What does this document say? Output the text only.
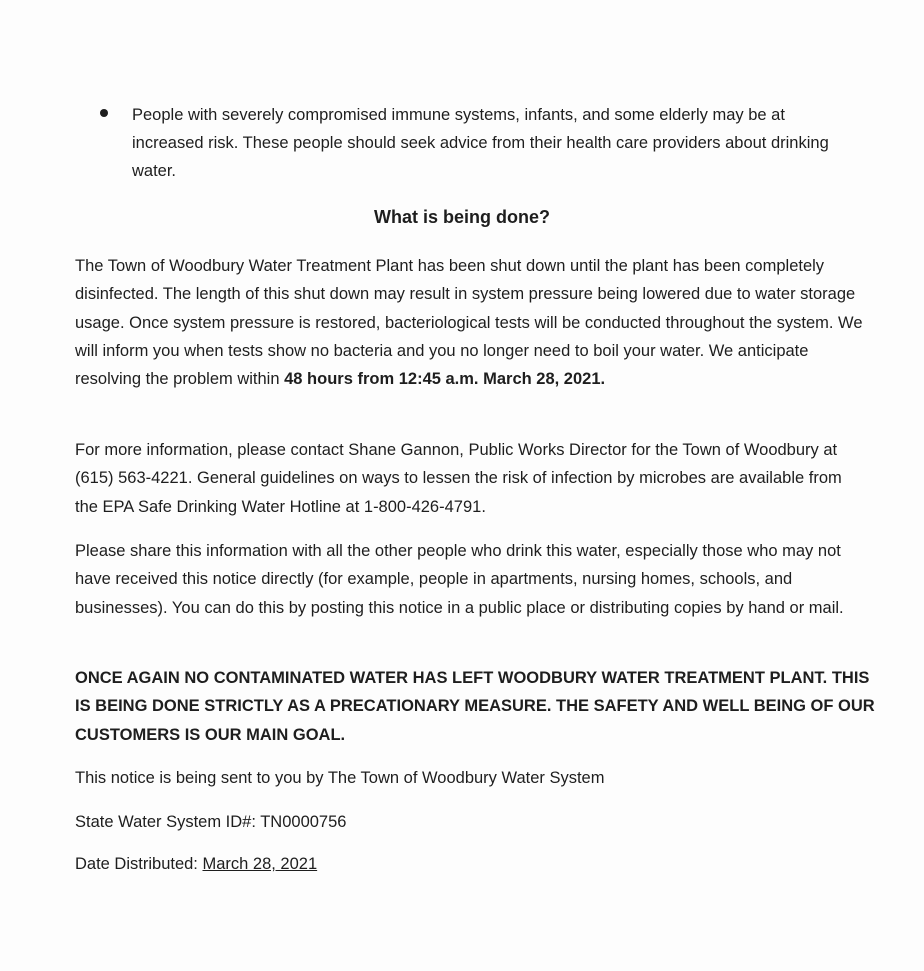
People with severely compromised immune systems, infants, and some elderly may be at increased risk. These people should seek advice from their health care providers about drinking water.
What is being done?

The Town of Woodbury Water Treatment Plant has been shut down until the plant has been completely disinfected. The length of this shut down may result in system pressure being lowered due to water storage usage. Once system pressure is restored, bacteriological tests will be conducted throughout the system. We will inform you when tests show no bacteria and you no longer need to boil your water. We anticipate resolving the problem within 48 hours from 12:45 a.m. March 28, 2021.

For more information, please contact Shane Gannon, Public Works Director for the Town of Woodbury at (615) 563-4221. General guidelines on ways to lessen the risk of infection by microbes are available from the EPA Safe Drinking Water Hotline at 1-800-426-4791.

Please share this information with all the other people who drink this water, especially those who may not have received this notice directly (for example, people in apartments, nursing homes, schools, and businesses). You can do this by posting this notice in a public place or distributing copies by hand or mail.

ONCE AGAIN NO CONTAMINATED WATER HAS LEFT WOODBURY WATER TREATMENT PLANT. THIS IS BEING DONE STRICTLY AS A PRECATIONARY MEASURE. THE SAFETY AND WELL BEING OF OUR CUSTOMERS IS OUR MAIN GOAL.

This notice is being sent to you by The Town of Woodbury Water System
State Water System ID#: TN0000756
Date Distributed: March 28, 2021
